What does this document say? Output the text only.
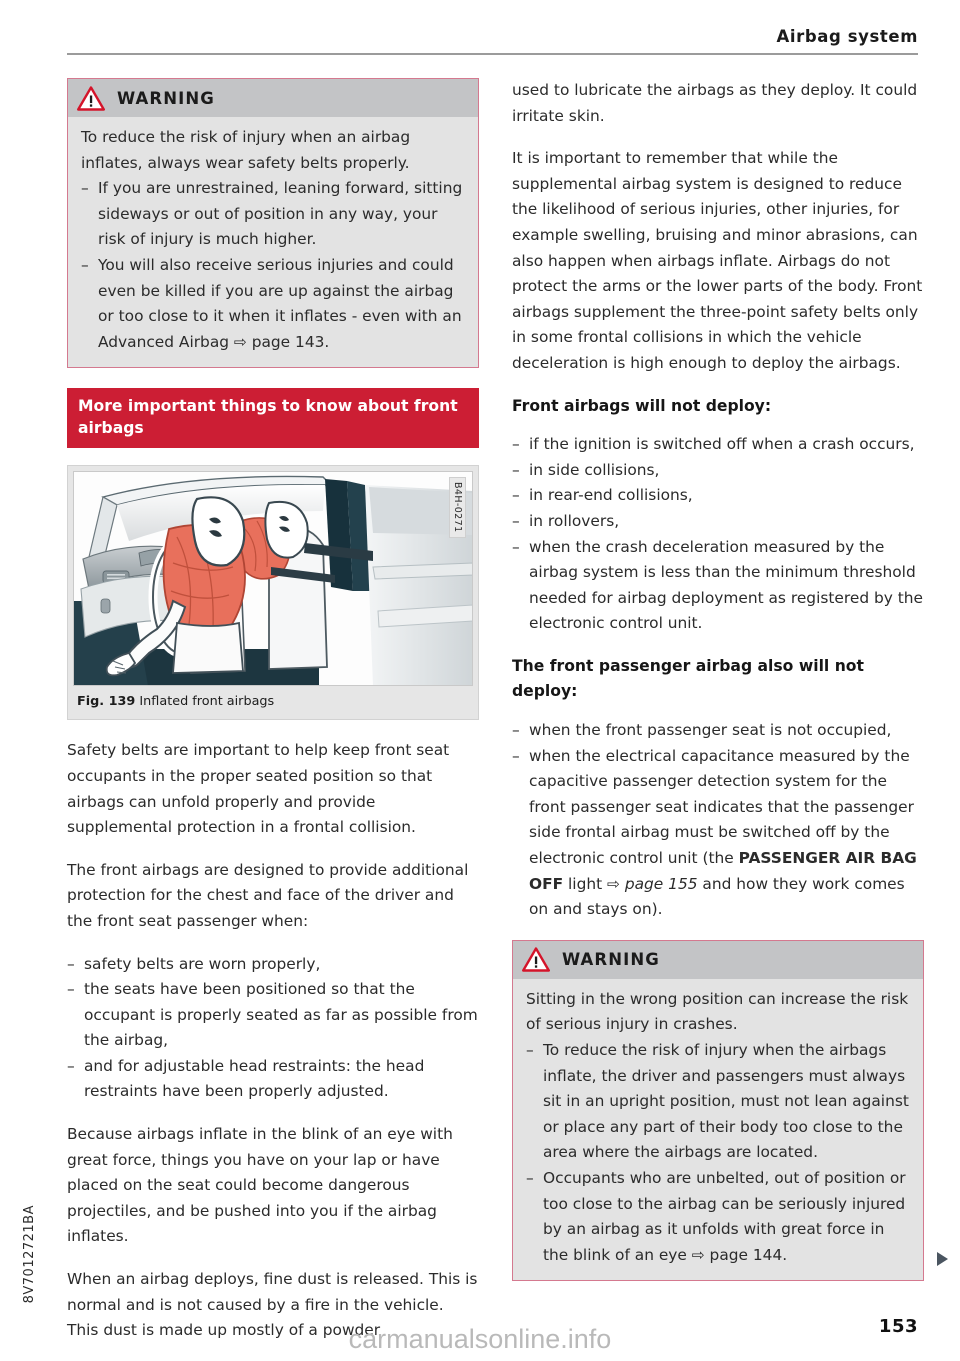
Airbag system
WARNING

To reduce the risk of injury when an airbag inflates, always wear safety belts properly.

– If you are unrestrained, leaning forward, sitting sideways or out of position in any way, your risk of injury is much higher.
– You will also receive serious injuries and could even be killed if you are up against the airbag or too close to it when it inflates - even with an Advanced Airbag ⇨ page 143.
More important things to know about front airbags
B4H-0271
Fig. 139 Inflated front airbags

Safety belts are important to help keep front seat occupants in the proper seated position so that airbags can unfold properly and provide supplemental protection in a frontal collision.

The front airbags are designed to provide additional protection for the chest and face of the driver and the front seat passenger when:

– safety belts are worn properly,
– the seats have been positioned so that the occupant is properly seated as far as possible from the airbag,
– and for adjustable head restraints: the head restraints have been properly adjusted.

Because airbags inflate in the blink of an eye with great force, things you have on your lap or have placed on the seat could become dangerous projectiles, and be pushed into you if the airbag inflates.

When an airbag deploys, fine dust is released. This is normal and is not caused by a fire in the vehicle. This dust is made up mostly of a powder

used to lubricate the airbags as they deploy. It could irritate skin.

It is important to remember that while the supplemental airbag system is designed to reduce the likelihood of serious injuries, other injuries, for example swelling, bruising and minor abrasions, can also happen when airbags inflate. Airbags do not protect the arms or the lower parts of the body. Front airbags supplement the three-point safety belts only in some frontal collisions in which the vehicle deceleration is high enough to deploy the airbags.

Front airbags will not deploy:
– if the ignition is switched off when a crash occurs,
– in side collisions,
– in rear-end collisions,
– in rollovers,
– when the crash deceleration measured by the airbag system is less than the minimum threshold needed for airbag deployment as registered by the electronic control unit.
The front passenger airbag also will not deploy:
– when the front passenger seat is not occupied,
– when the electrical capacitance measured by the capacitive passenger detection system for the front passenger seat indicates that the passenger side frontal airbag must be switched off by the electronic control unit (the PASSENGER AIR BAG OFF light ⇨ page 155 and how they work comes on and stays on).
WARNING

Sitting in the wrong position can increase the risk of serious injury in crashes.

– To reduce the risk of injury when the airbags inflate, the driver and passengers must always sit in an upright position, must not lean against or place any part of their body too close to the area where the airbags are located.
– Occupants who are unbelted, out of position or too close to the airbag can be seriously injured by an airbag as it unfolds with great force in the blink of an eye ⇨ page 144.
8V7012721BA
153
carmanualsonline.info
